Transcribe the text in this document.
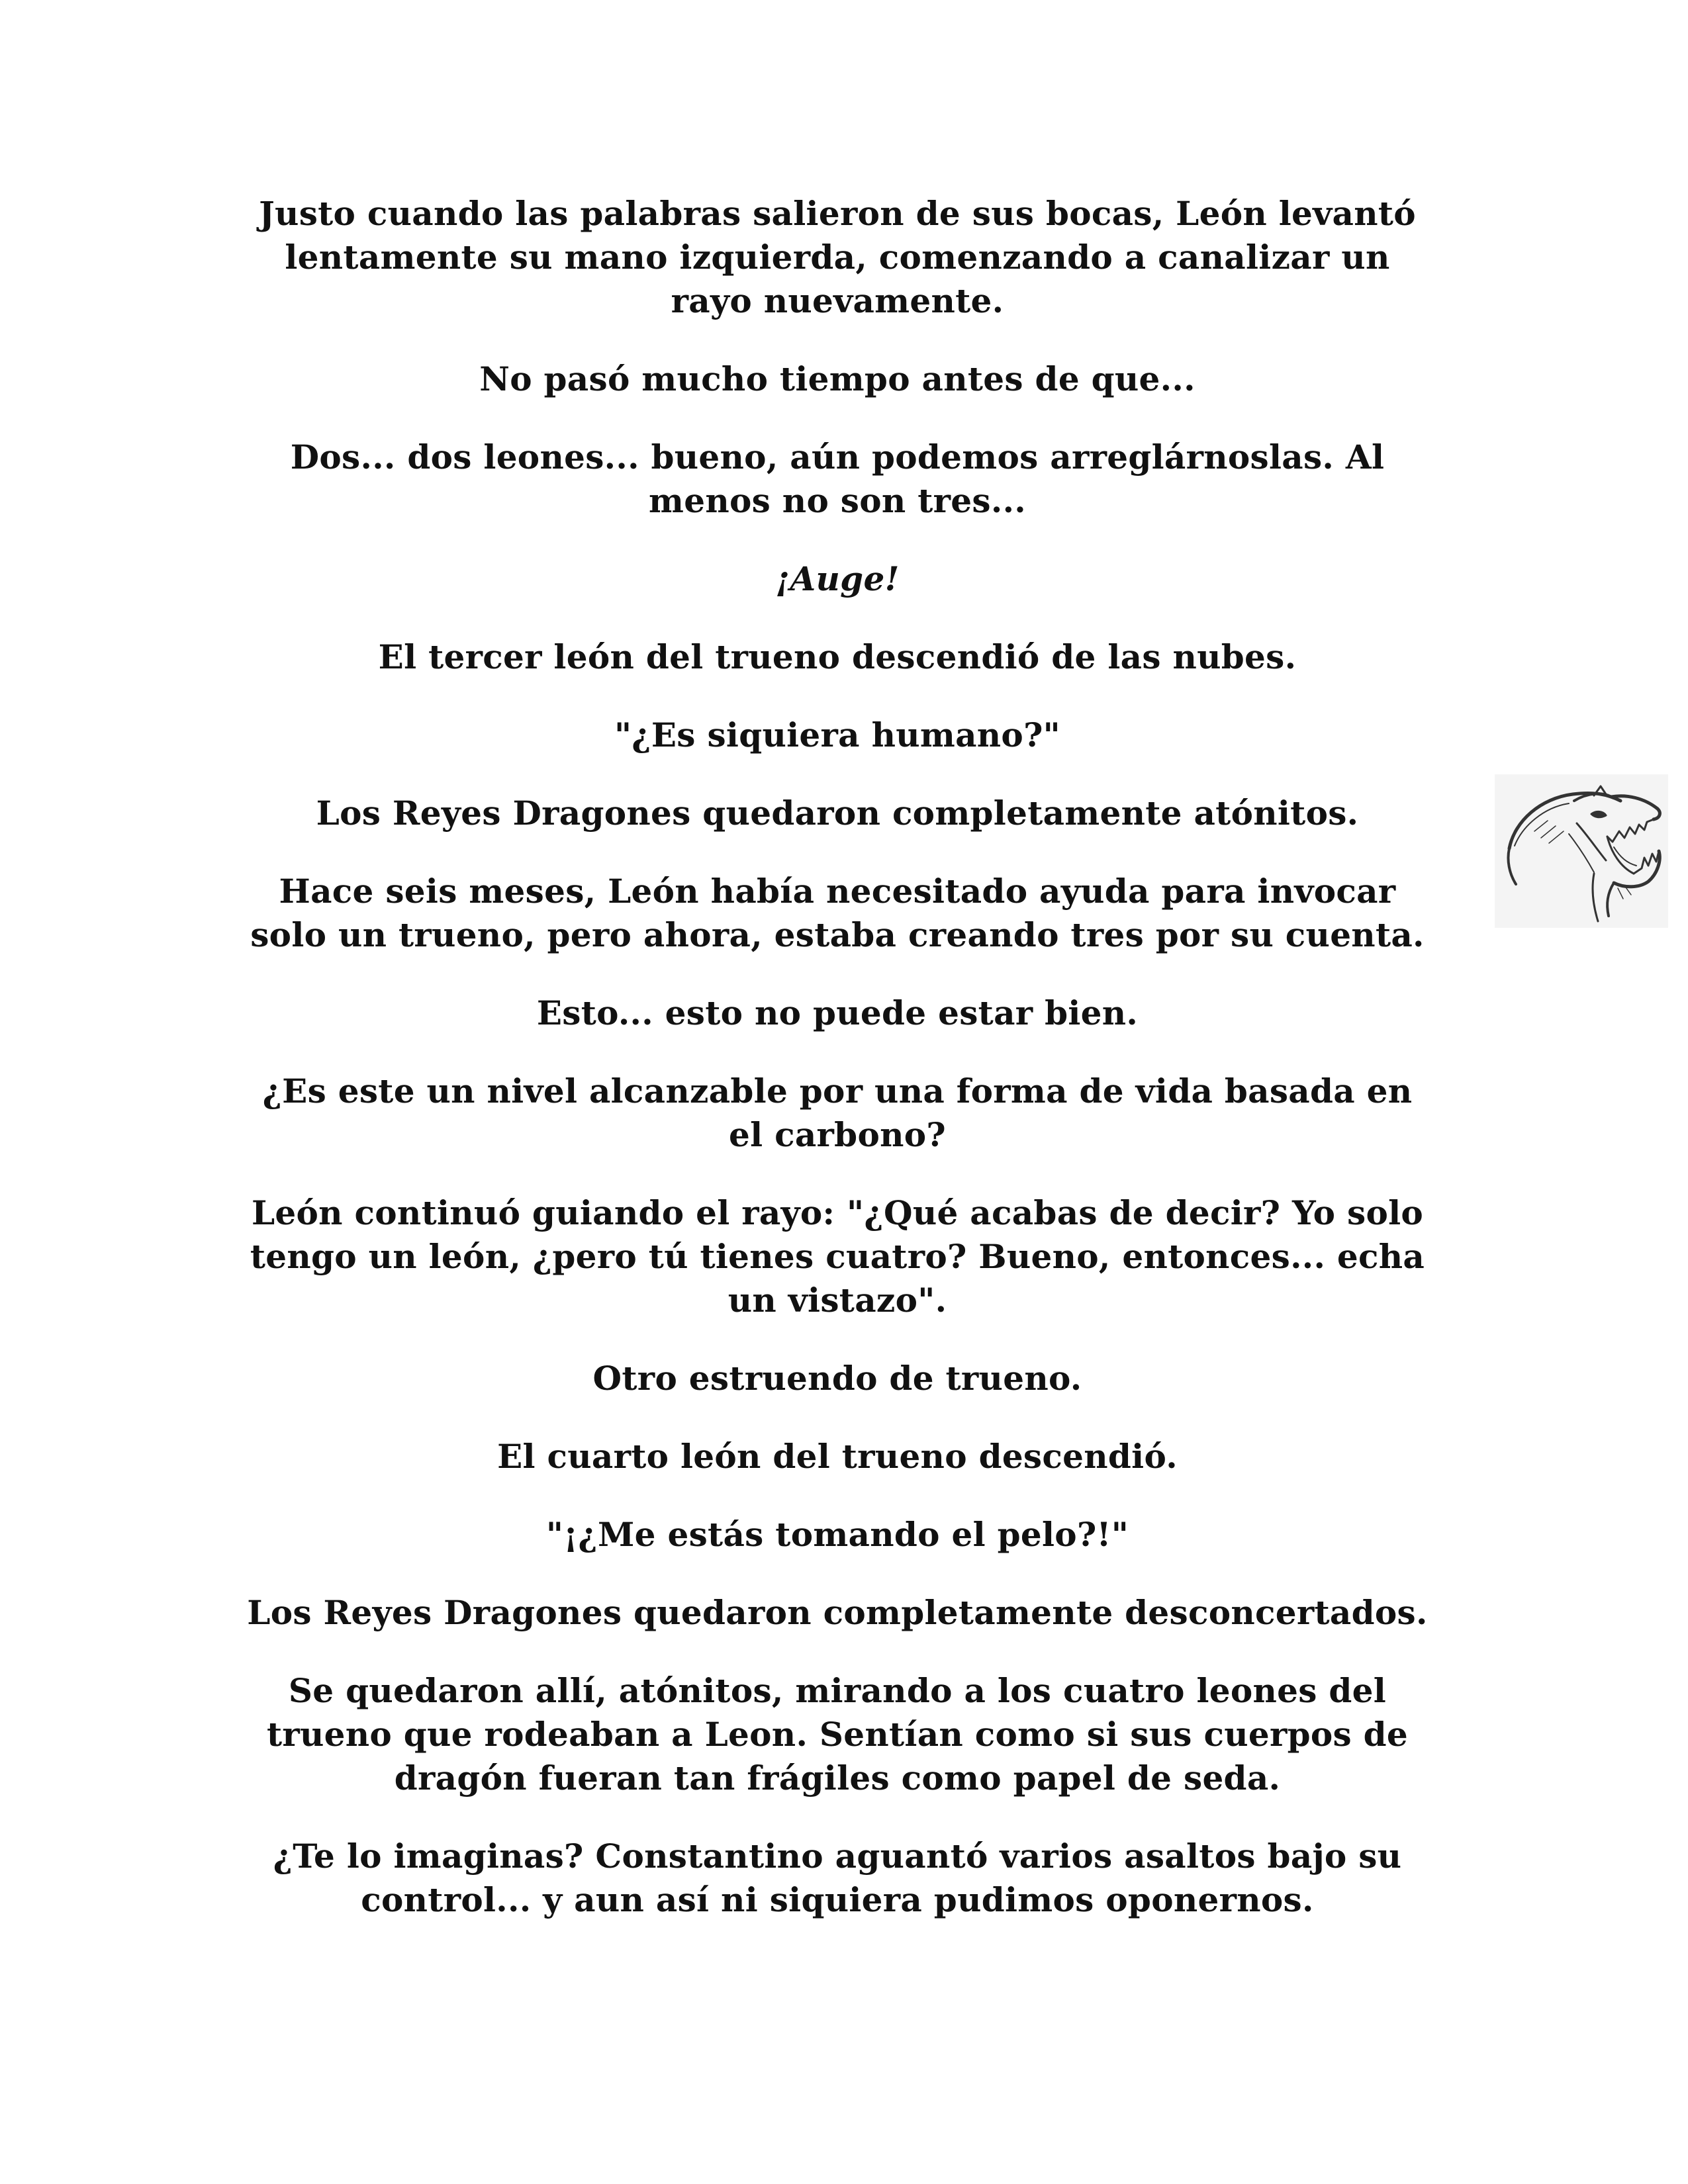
Justo cuando las palabras salieron de sus bocas, León levantó
lentamente su mano izquierda, comenzando a canalizar un
rayo nuevamente.

No pasó mucho tiempo antes de que...

Dos... dos leones... bueno, aún podemos arreglárnoslas. Al
menos no son tres...

¡Auge!

El tercer león del trueno descendió de las nubes.

"¿Es siquiera humano?"

Los Reyes Dragones quedaron completamente atónitos.

Hace seis meses, León había necesitado ayuda para invocar
solo un trueno, pero ahora, estaba creando tres por su cuenta.

Esto... esto no puede estar bien.

¿Es este un nivel alcanzable por una forma de vida basada en
el carbono?

León continuó guiando el rayo: "¿Qué acabas de decir? Yo solo
tengo un león, ¿pero tú tienes cuatro? Bueno, entonces... echa
un vistazo".

Otro estruendo de trueno.

El cuarto león del trueno descendió.

"¡¿Me estás tomando el pelo?!"

Los Reyes Dragones quedaron completamente desconcertados.

Se quedaron allí, atónitos, mirando a los cuatro leones del
trueno que rodeaban a Leon. Sentían como si sus cuerpos de
dragón fueran tan frágiles como papel de seda.

¿Te lo imaginas? Constantino aguantó varios asaltos bajo su
control... y aun así ni siquiera pudimos oponernos.
